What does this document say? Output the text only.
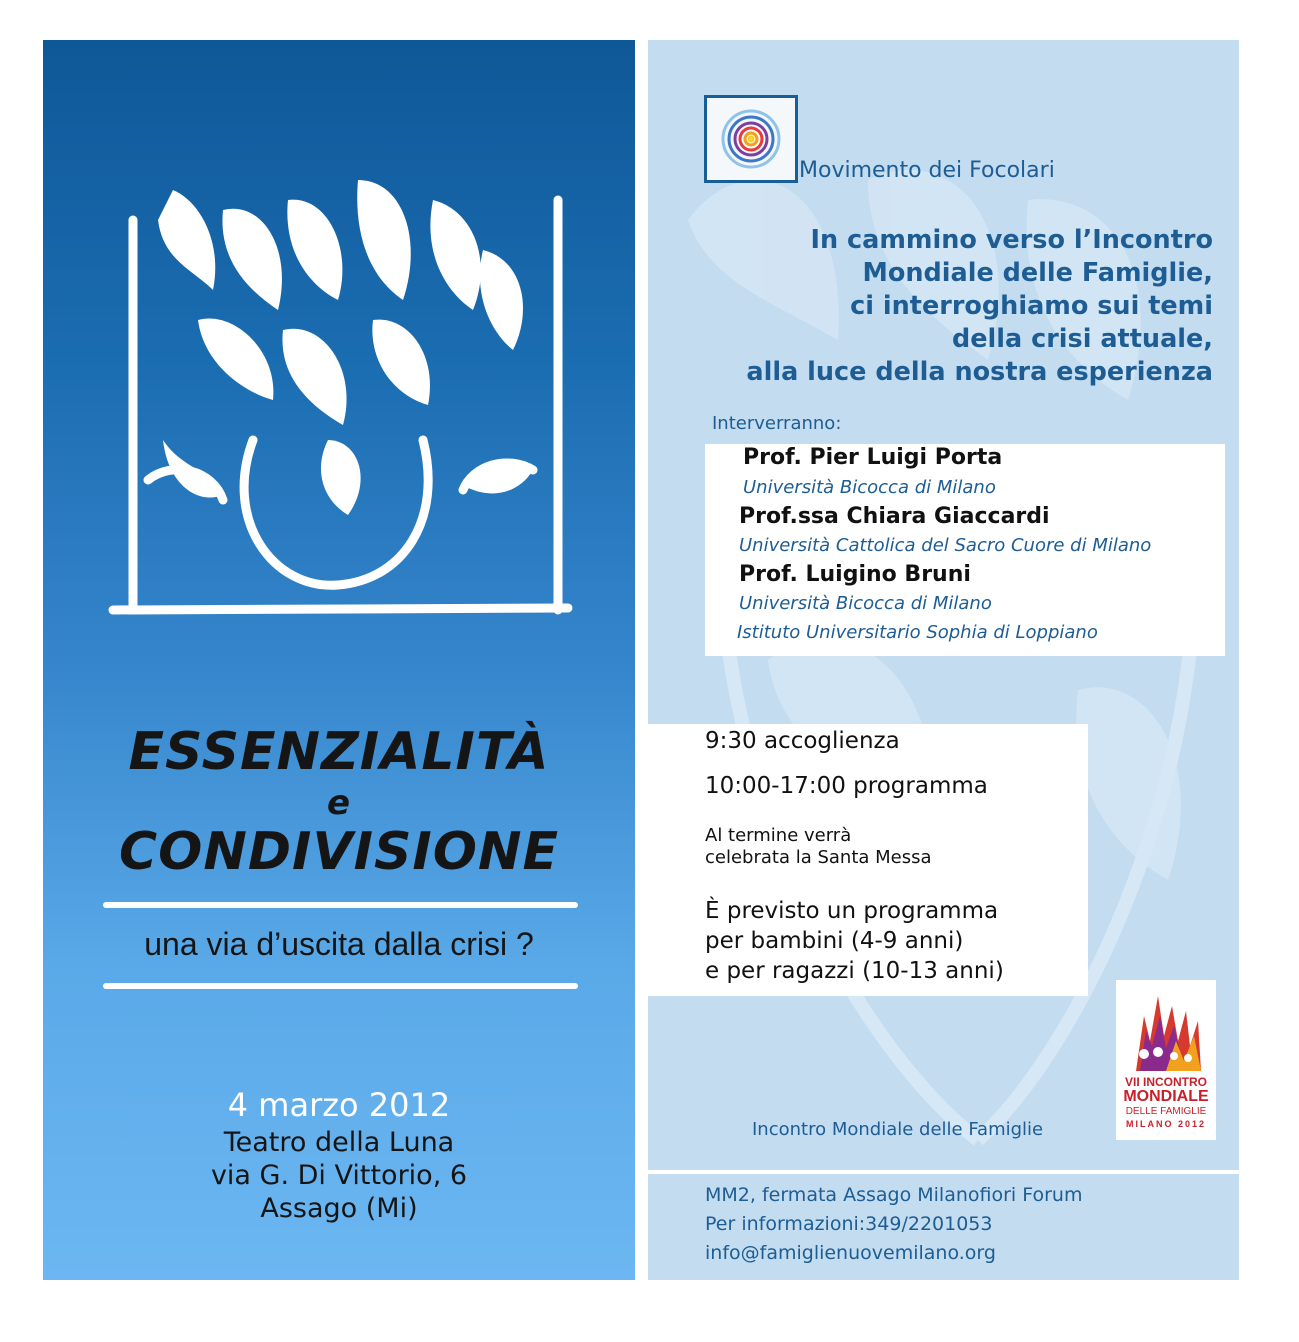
ESSENZIALITÀ
e
CONDIVISIONE
una via d’uscita dalla crisi ?
4 marzo 2012
Teatro della Luna
via G. Di Vittorio, 6
Assago (Mi)
Movimento dei Focolari
In cammino verso l’Incontro
Mondiale delle Famiglie,
ci interroghiamo sui temi
della crisi attuale,
alla luce della nostra esperienza
Interverranno:
Prof. Pier Luigi Porta
Università Bicocca di Milano
Prof.ssa Chiara Giaccardi
Università Cattolica del Sacro Cuore di Milano
Prof. Luigino Bruni
Università Bicocca di Milano
Istituto Universitario Sophia di Loppiano
9:30 accoglienza
10:00-17:00 programma
Al termine verrà
celebrata la Santa Messa
È previsto un programma
per bambini (4-9 anni)
e per ragazzi (10-13 anni)
VII INCONTRO
MONDIALE
DELLE FAMIGLIE
MILANO 2012
Incontro Mondiale delle Famiglie
MM2, fermata Assago Milanofiori Forum
Per informazioni:349/2201053
info@famiglienuovemilano.org
